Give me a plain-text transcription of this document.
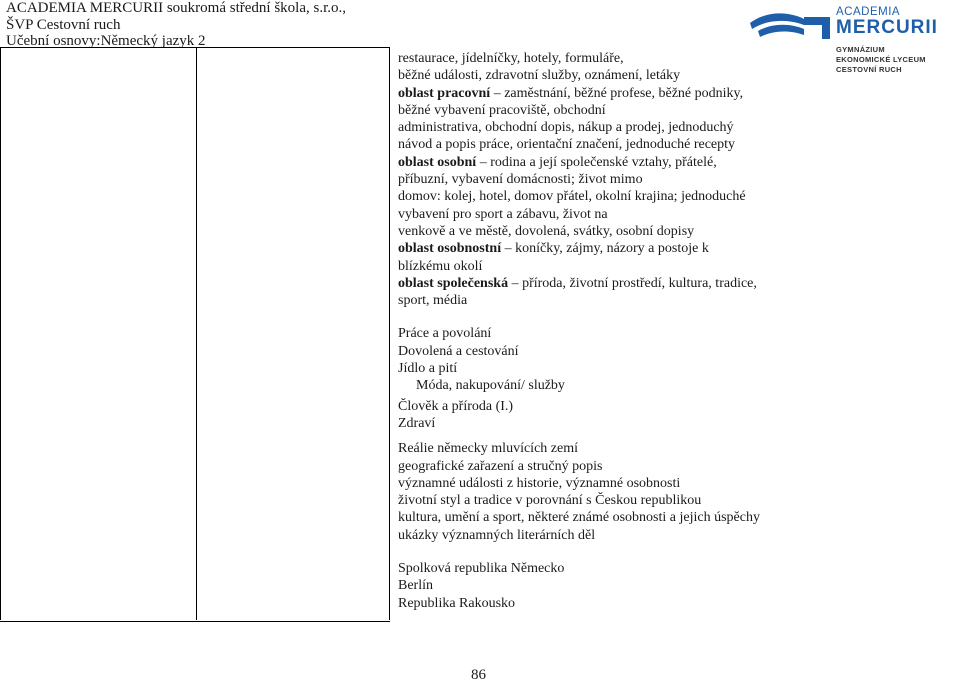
ACADEMIA MERCURII soukromá střední škola, s.r.o.,
ŠVP Cestovní ruch
Učební osnovy:Německý jazyk 2
ACADEMIA
MERCURII
GYMNÁZIUM
EKONOMICKÉ LYCEUM
CESTOVNÍ RUCH
restaurace, jídelníčky, hotely, formuláře,
běžné události, zdravotní služby, oznámení, letáky
oblast pracovní – zaměstnání, běžné profese, běžné podniky,
běžné vybavení pracoviště, obchodní
administrativa, obchodní dopis, nákup a prodej, jednoduchý
návod a popis práce, orientační značení, jednoduché recepty
oblast osobní – rodina a její společenské vztahy, přátelé,
příbuzní, vybavení domácnosti; život mimo
domov: kolej, hotel, domov přátel, okolní krajina; jednoduché
vybavení pro sport a zábavu, život na
venkově a ve městě, dovolená, svátky, osobní dopisy
oblast osobnostní – koníčky, zájmy, názory a postoje k
blízkému okolí
oblast společenská – příroda, životní prostředí, kultura, tradice,
sport, média
Práce a povolání
Dovolená a cestování
Jídlo a pití
Móda, nakupování/ služby
Člověk a příroda (I.)
Zdraví
Reálie německy mluvících zemí
geografické zařazení a stručný popis
významné události z historie, významné osobnosti
životní styl a tradice v porovnání s Českou republikou
kultura, umění a sport, některé známé osobnosti a jejich úspěchy
ukázky významných literárních děl
Spolková republika Německo
Berlín
Republika Rakousko
86
